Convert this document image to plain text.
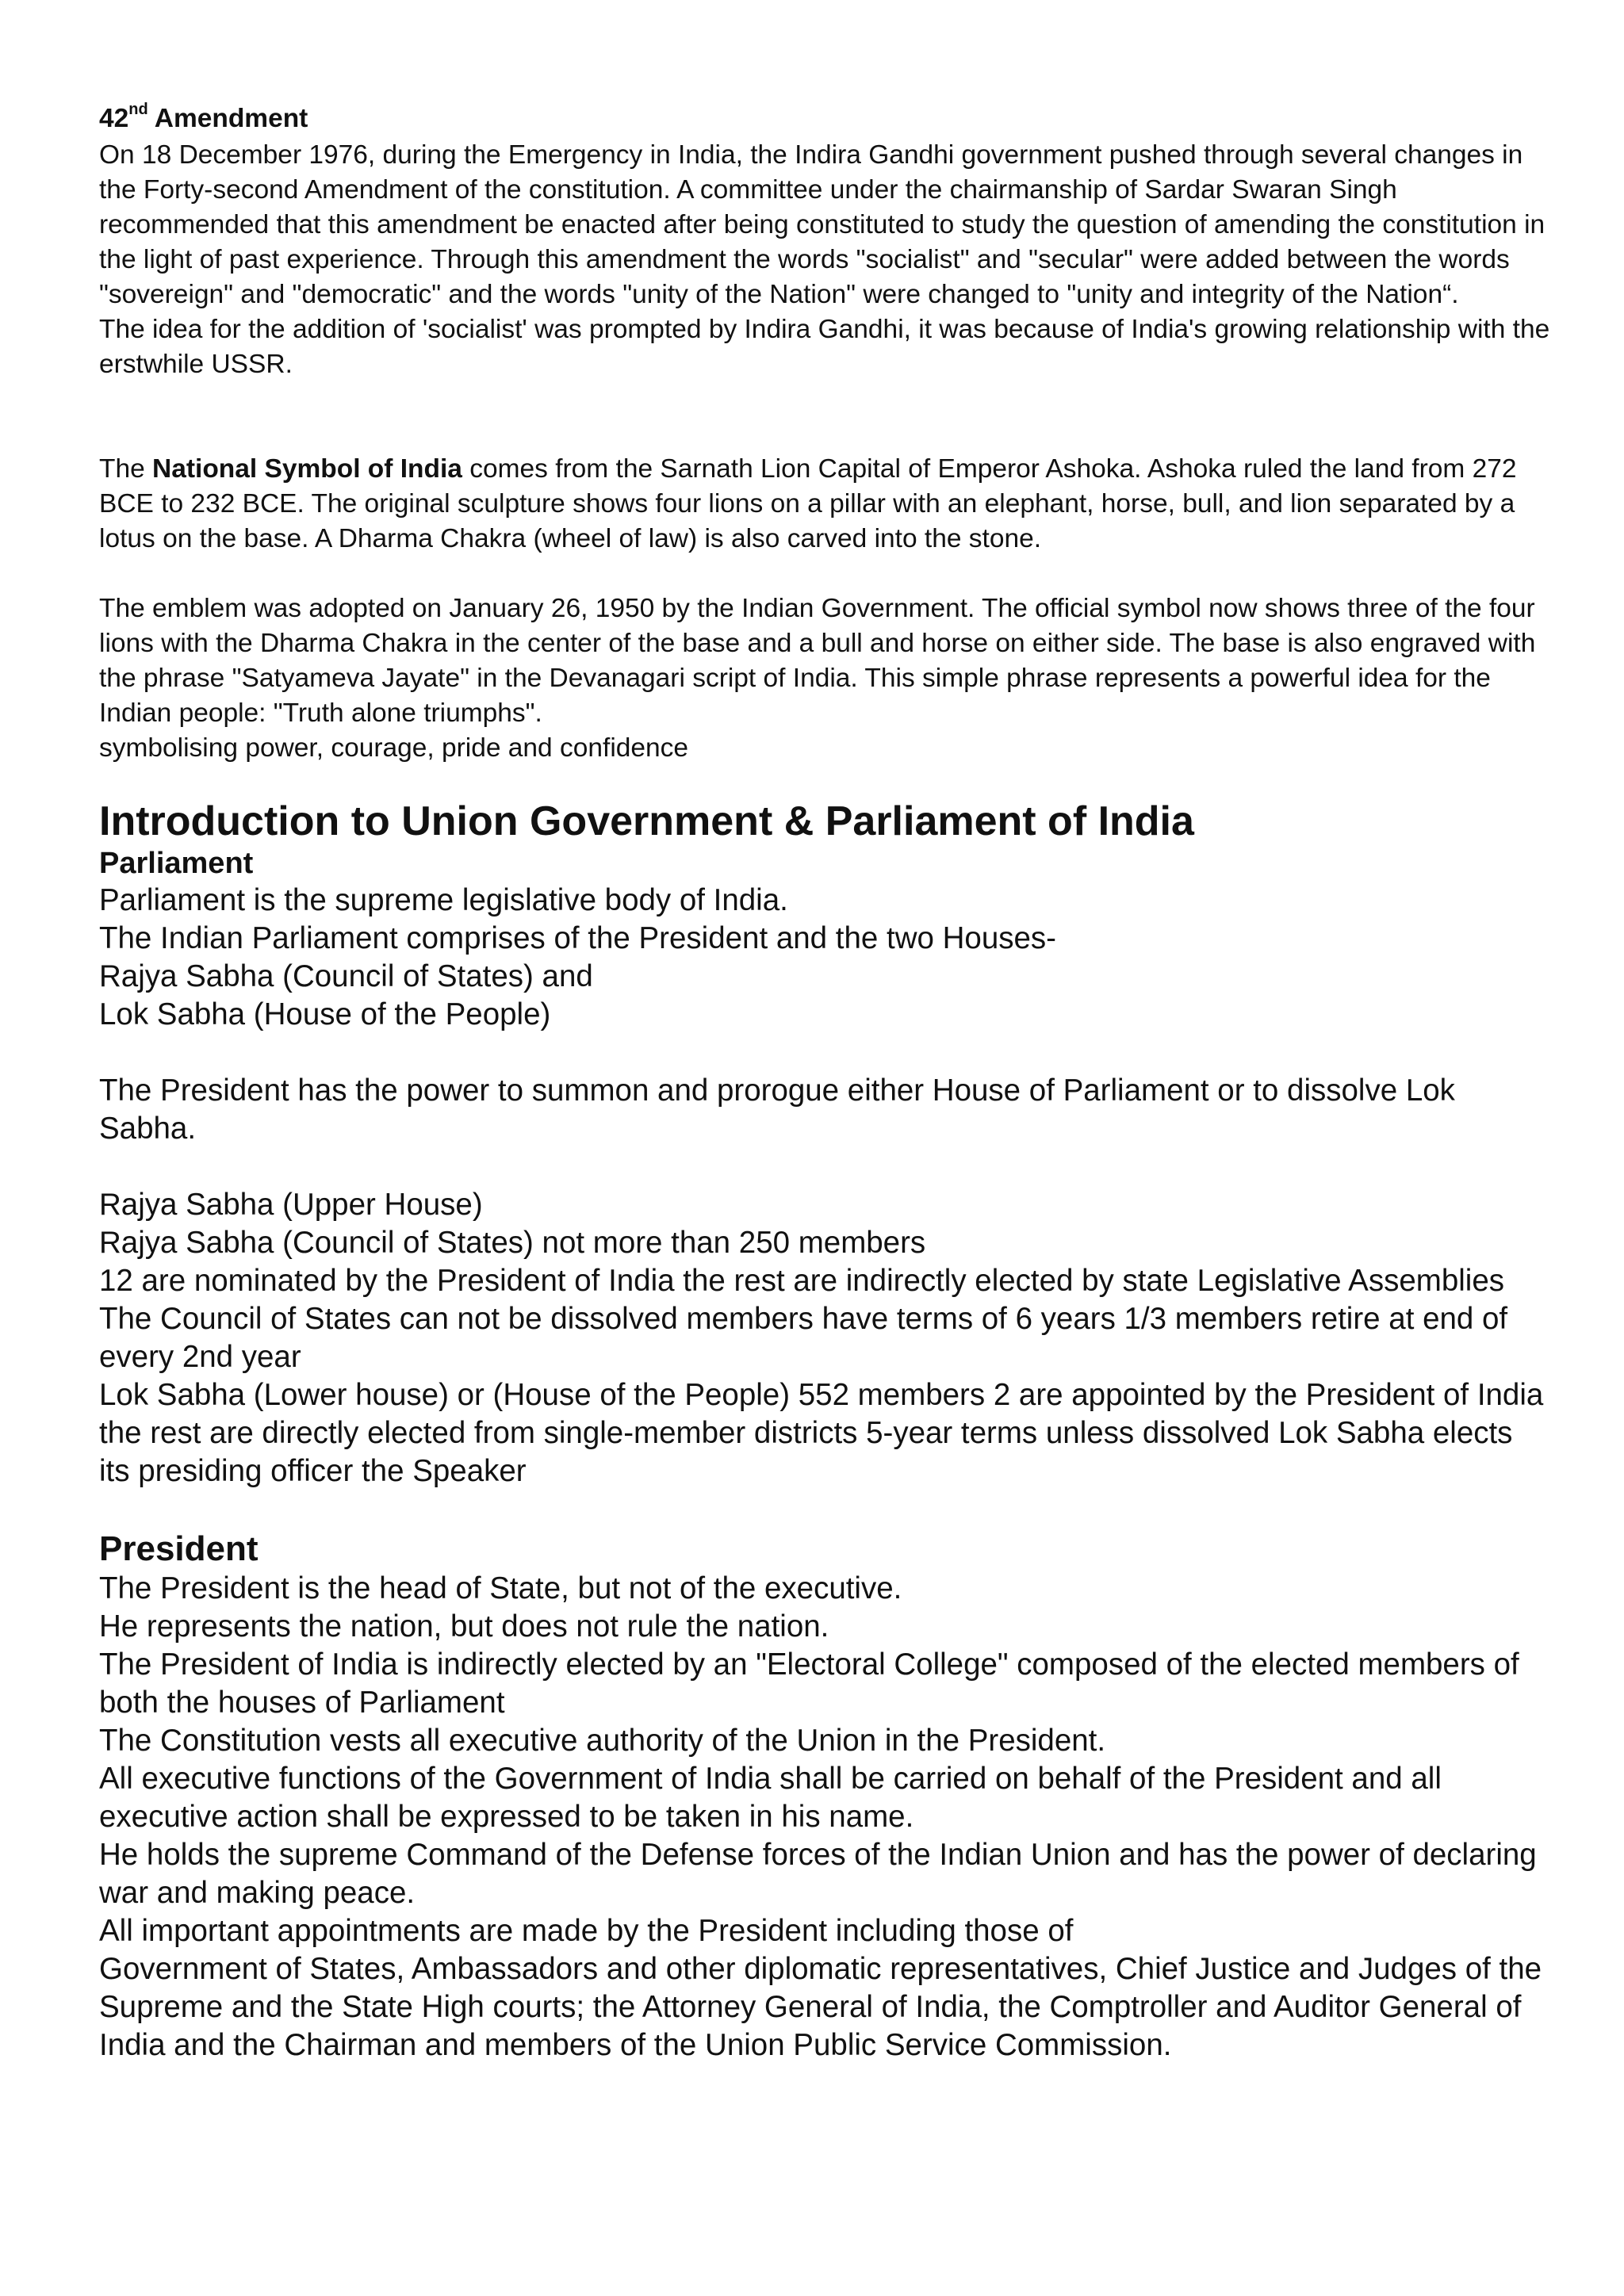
42nd Amendment

On 18 December 1976, during the Emergency in India, the Indira Gandhi government pushed through several changes in the Forty-second Amendment of the constitution. A committee under the chairmanship of Sardar Swaran Singh recommended that this amendment be enacted after being constituted to study the question of amending the constitution in the light of past experience. Through this amendment the words "socialist" and "secular" were added between the words "sovereign" and "democratic" and the words "unity of the Nation" were changed to "unity and integrity of the Nation“.

The idea for the addition of 'socialist' was prompted by Indira Gandhi, it was because of India's growing relationship with the erstwhile USSR.

The National Symbol of India comes from the Sarnath Lion Capital of Emperor Ashoka. Ashoka ruled the land from 272 BCE to 232 BCE. The original sculpture shows four lions on a pillar with an elephant, horse, bull, and lion separated by a lotus on the base. A Dharma Chakra (wheel of law) is also carved into the stone.

The emblem was adopted on January 26, 1950 by the Indian Government. The official symbol now shows three of the four lions with the Dharma Chakra in the center of the base and a bull and horse on either side. The base is also engraved with the phrase "Satyameva Jayate" in the Devanagari script of India. This simple phrase represents a powerful idea for the Indian people: "Truth alone triumphs".

symbolising power, courage, pride and confidence

Introduction to Union Government & Parliament of India
Parliament
Parliament is the supreme legislative body of India.
The Indian Parliament comprises of the President and the two Houses-
Rajya Sabha (Council of States) and
Lok Sabha (House of the People)
The President has the power to summon and prorogue either House of Parliament or to dissolve Lok Sabha.
Rajya Sabha (Upper House)
Rajya Sabha (Council of States) not more than 250 members
12 are nominated by the President of India the rest are indirectly elected by state Legislative Assemblies The Council of States can not be dissolved members have terms of 6 years 1/3 members retire at end of every 2nd year
Lok Sabha (Lower house) or (House of the People) 552 members 2 are appointed by the President of India
the rest are directly elected from single-member districts 5-year terms unless dissolved Lok Sabha elects its presiding officer the Speaker
President
The President is the head of State, but not of the executive.
He represents the nation, but does not rule the nation.
The President of India is indirectly elected by an "Electoral College" composed of the elected members of both the houses of Parliament
The Constitution vests all executive authority of the Union in the President.
All executive functions of the Government of India shall be carried on behalf of the President and all executive action shall be expressed to be taken in his name.
He holds the supreme Command of the Defense forces of the Indian Union and has the power of declaring war and making peace.
All important appointments are made by the President including those of
Government of States, Ambassadors and other diplomatic representatives, Chief Justice and Judges of the Supreme and the State High courts; the Attorney General of India, the Comptroller and Auditor General of India and the Chairman and members of the Union Public Service Commission.
